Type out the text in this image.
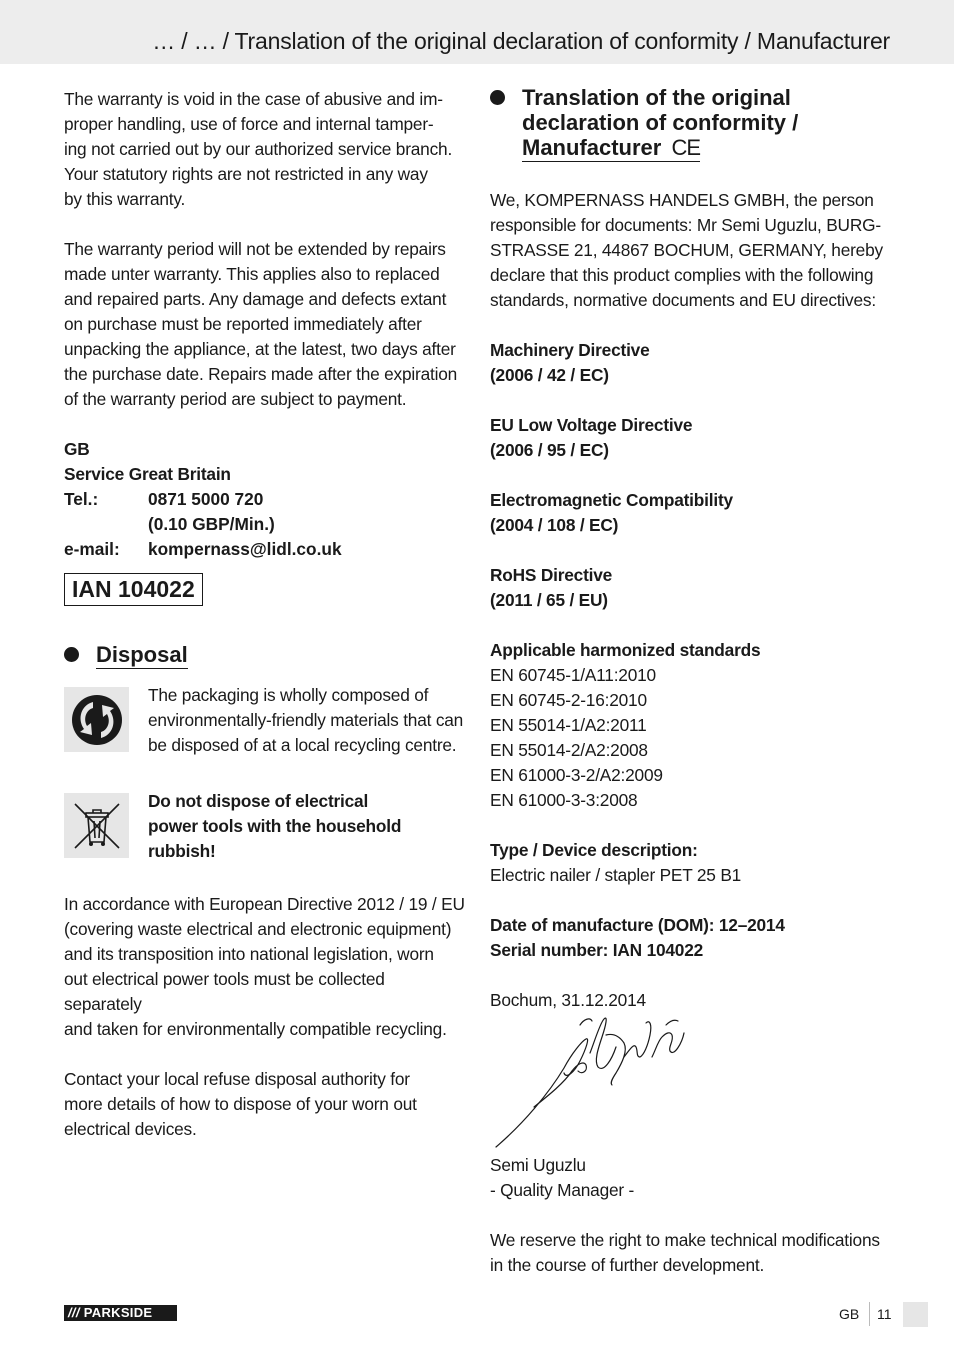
… / … / Translation of the original declaration of conformity / Manufacturer

The warranty is void in the case of abusive and im-
proper handling, use of force and internal tamper-
ing not carried out by our authorized service branch.
Your statutory rights are not restricted in any way
by this warranty.

The warranty period will not be extended by repairs
made unter warranty. This applies also to replaced
and repaired parts. Any damage and defects extant
on purchase must be reported immediately after
unpacking the appliance, at the latest, two days after
the purchase date. Repairs made after the expiration
of the warranty period are subject to payment.

GB

Service Great Britain

Tel.:	0871 5000 720
(0.10 GBP/Min.)
e-mail:	kompernass@lidl.co.uk
IAN 104022
Disposal

The packaging is wholly composed of
environmentally-friendly materials that can
be disposed of at a local recycling centre.

Do not dispose of electrical
power tools with the household
rubbish!

In accordance with European Directive 2012 / 19 / EU
(covering waste electrical and electronic equipment)
and its transposition into national legislation, worn
out electrical power tools must be collected separately
and taken for environmentally compatible recycling.

Contact your local refuse disposal authority for
more details of how to dispose of your worn out
electrical devices.

Translation of the original
declaration of conformity /
Manufacturer CE

We, KOMPERNASS HANDELS GMBH, the person
responsible for documents: Mr Semi Uguzlu, BURG-
STRASSE 21, 44867 BOCHUM, GERMANY, hereby
declare that this product complies with the following
standards, normative documents and EU directives:

Machinery Directive
(2006 / 42 / EC)

EU Low Voltage Directive
(2006 / 95 / EC)

Electromagnetic Compatibility
(2004 / 108 / EC)

RoHS Directive
(2011 / 65 / EU)

Applicable harmonized standards

EN 60745-1/A11:2010
EN 60745-2-16:2010
EN 55014-1/A2:2011
EN 55014-2/A2:2008
EN 61000-3-2/A2:2009
EN 61000-3-3:2008

Type / Device description:

Electric nailer / stapler PET 25 B1

Date of manufacture (DOM): 12–2014

Serial number: IAN 104022

Bochum, 31.12.2014

Semi Uguzlu

- Quality Manager -

We reserve the right to make technical modifications
in the course of further development.

/// PARKSIDE	GB 11
